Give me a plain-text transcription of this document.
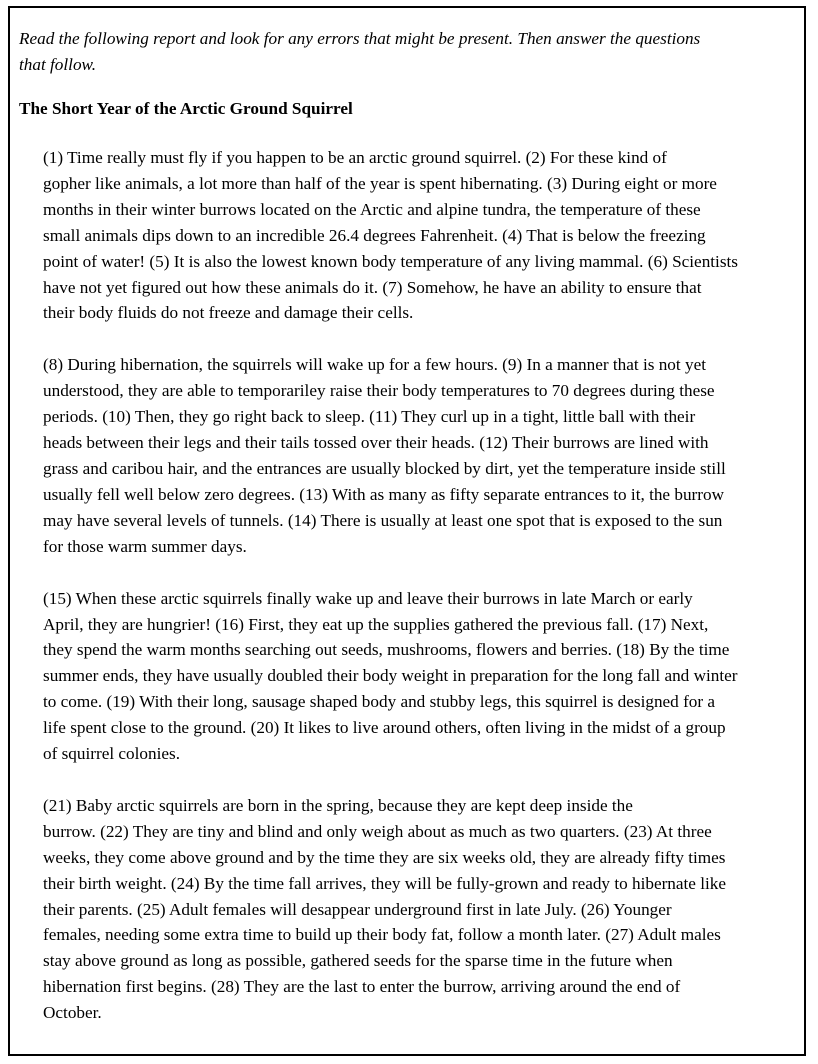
Read the following report and look for any errors that might be present. Then answer the questions
that follow.
The Short Year of the Arctic Ground Squirrel
(1) Time really must fly if you happen to be an arctic ground squirrel. (2) For these kind of
gopher like animals, a lot more than half of the year is spent hibernating. (3) During eight or more
months in their winter burrows located on the Arctic and alpine tundra, the temperature of these
small animals dips down to an incredible 26.4 degrees Fahrenheit. (4) That is below the freezing
point of water! (5) It is also the lowest known body temperature of any living mammal. (6) Scientists
have not yet figured out how these animals do it. (7) Somehow, he have an ability to ensure that
their body fluids do not freeze and damage their cells.
(8) During hibernation, the squirrels will wake up for a few hours. (9) In a manner that is not yet
understood, they are able to temporariley raise their body temperatures to 70 degrees during these
periods. (10) Then, they go right back to sleep. (11) They curl up in a tight, little ball with their
heads between their legs and their tails tossed over their heads. (12) Their burrows are lined with
grass and caribou hair, and the entrances are usually blocked by dirt, yet the temperature inside still
usually fell well below zero degrees. (13) With as many as fifty separate entrances to it, the burrow
may have several levels of tunnels. (14) There is usually at least one spot that is exposed to the sun
for those warm summer days.
(15) When these arctic squirrels finally wake up and leave their burrows in late March or early
April, they are hungrier! (16) First, they eat up the supplies gathered the previous fall. (17) Next,
they spend the warm months searching out seeds, mushrooms, flowers and berries. (18) By the time
summer ends, they have usually doubled their body weight in preparation for the long fall and winter
to come. (19) With their long, sausage shaped body and stubby legs, this squirrel is designed for a
life spent close to the ground. (20) It likes to live around others, often living in the midst of a group
of squirrel colonies.
(21) Baby arctic squirrels are born in the spring, because they are kept deep inside the
burrow. (22) They are tiny and blind and only weigh about as much as two quarters. (23) At three
weeks, they come above ground and by the time they are six weeks old, they are already fifty times
their birth weight. (24) By the time fall arrives, they will be fully-grown and ready to hibernate like
their parents. (25) Adult females will desappear underground first in late July. (26) Younger
females, needing some extra time to build up their body fat, follow a month later. (27) Adult males
stay above ground as long as possible, gathered seeds for the sparse time in the future when
hibernation first begins. (28) They are the last to enter the burrow, arriving around the end of
October.
